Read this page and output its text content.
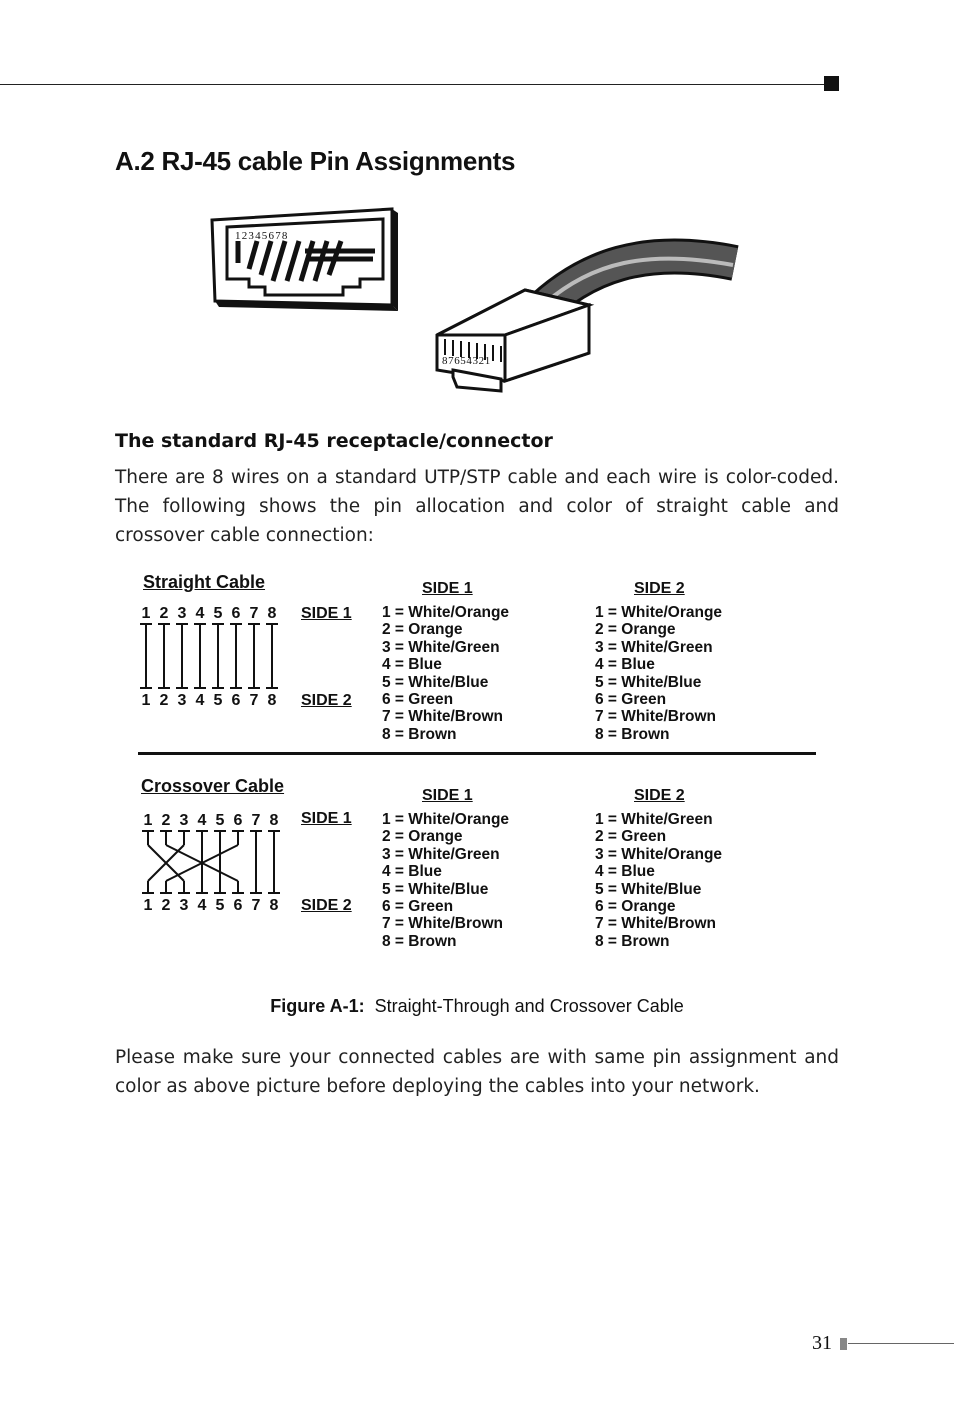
A.2 RJ-45 cable Pin Assignments
12345678
87654321
The standard RJ-45 receptacle/connector
There are 8 wires on a standard UTP/STP cable and each wire is color-coded. The following shows the pin allocation and color of straight cable and crossover cable connection:
Straight Cable
1 2 3 4 5 6 7 8
1 2 3 4 5 6 7 8
SIDE 1
SIDE 2
SIDE 1	SIDE 2
1 = White/Orange
2 = Orange
3 = White/Green
4 = Blue
5 = White/Blue
6 = Green
7 = White/Brown
8 = Brown
1 = White/Orange
2 = Orange
3 = White/Green
4 = Blue
5 = White/Blue
6 = Green
7 = White/Brown
8 = Brown
Crossover Cable
1 2 3 4 5 6 7 8
1 2 3 4 5 6 7 8
SIDE 1
SIDE 2
SIDE 1	SIDE 2
1 = White/Orange
2 = Orange
3 = White/Green
4 = Blue
5 = White/Blue
6 = Green
7 = White/Brown
8 = Brown
1 = White/Green
2 = Green
3 = White/Orange
4 = Blue
5 = White/Blue
6 = Orange
7 = White/Brown
8 = Brown
Figure A-1: Straight-Through and Crossover Cable
Please make sure your connected cables are with same pin assignment and color as above picture before deploying the cables into your network.
31
